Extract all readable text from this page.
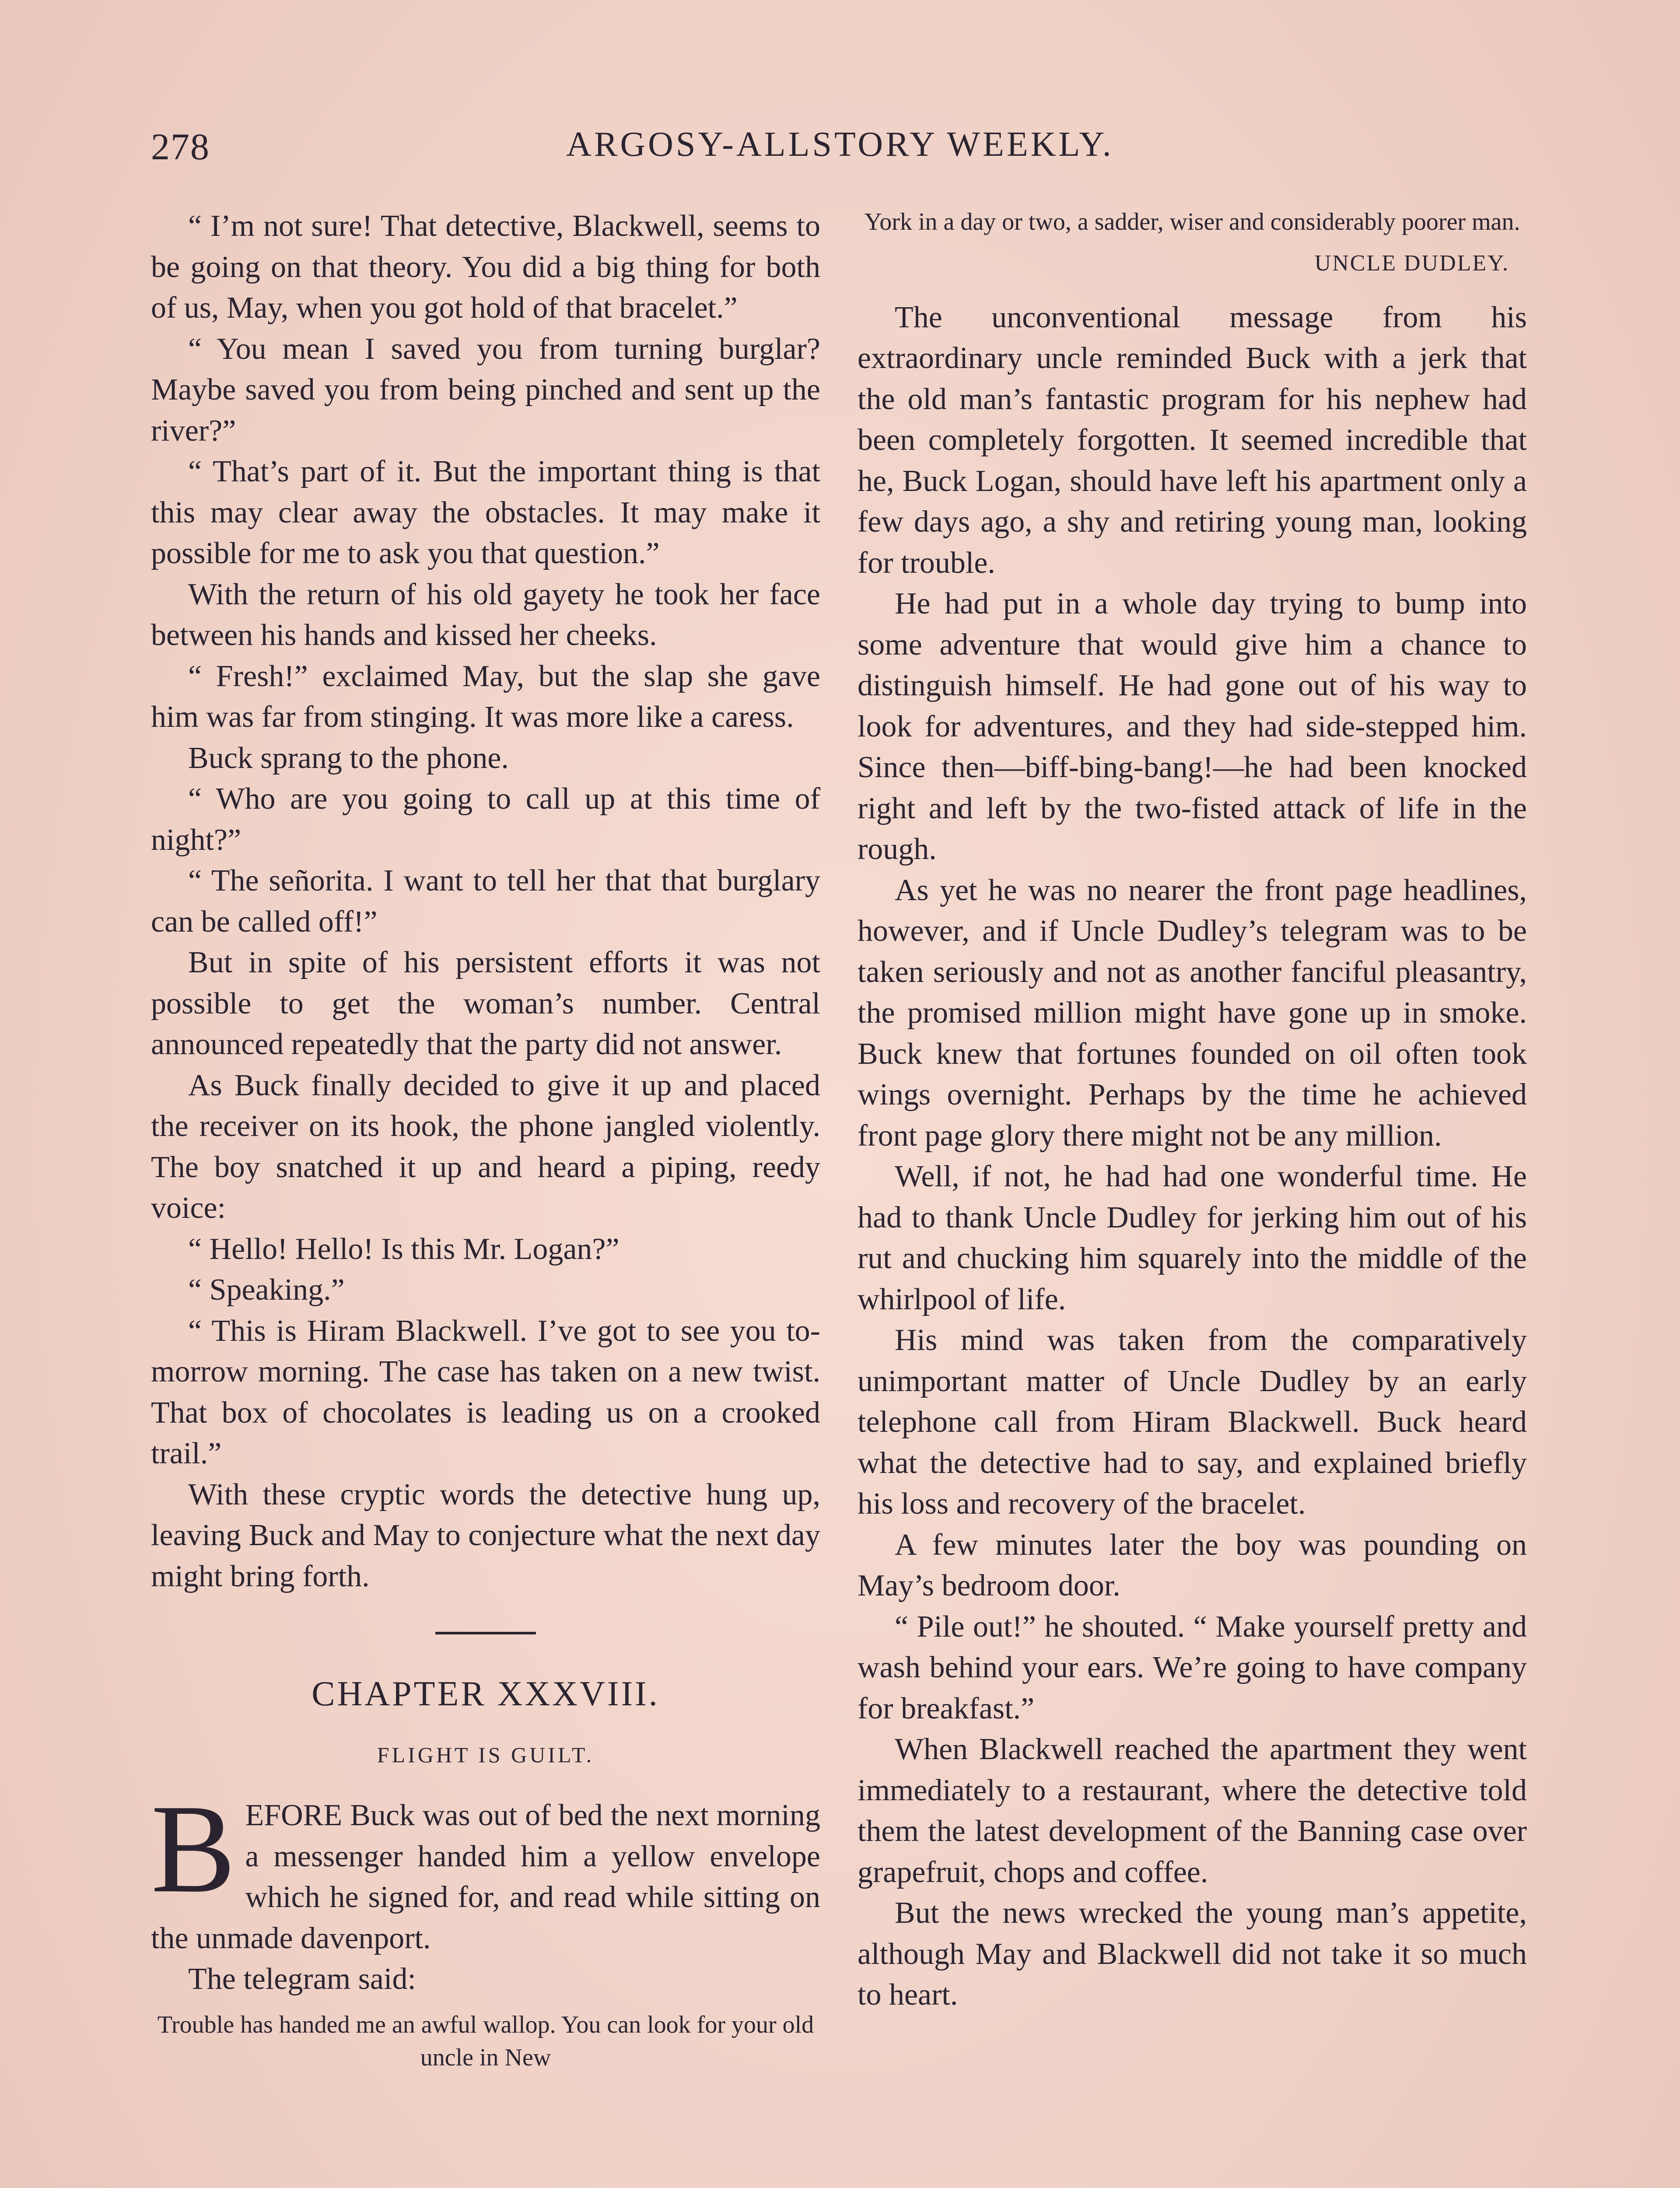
278	ARGOSY-ALLSTORY WEEKLY.

“ I’m not sure! That detective, Blackwell, seems to be going on that theory. You did a big thing for both of us, May, when you got hold of that bracelet.”

“ You mean I saved you from turning burglar? Maybe saved you from being pinched and sent up the river?”

“ That’s part of it. But the important thing is that this may clear away the obstacles. It may make it possible for me to ask you that question.”

With the return of his old gayety he took her face between his hands and kissed her cheeks.

“ Fresh!” exclaimed May, but the slap she gave him was far from stinging. It was more like a caress.

Buck sprang to the phone.

“ Who are you going to call up at this time of night?”

“ The señorita. I want to tell her that that burglary can be called off!”

But in spite of his persistent efforts it was not possible to get the woman’s number. Central announced repeatedly that the party did not answer.

As Buck finally decided to give it up and placed the receiver on its hook, the phone jangled violently. The boy snatched it up and heard a piping, reedy voice:

“ Hello! Hello! Is this Mr. Logan?”

“ Speaking.”

“ This is Hiram Blackwell. I’ve got to see you to-morrow morning. The case has taken on a new twist. That box of chocolates is leading us on a crooked trail.”

With these cryptic words the detective hung up, leaving Buck and May to conjecture what the next day might bring forth.

CHAPTER XXXVIII.
FLIGHT IS GUILT.

BEFORE Buck was out of bed the next morning a messenger handed him a yellow envelope which he signed for, and read while sitting on the unmade davenport.

The telegram said:

Trouble has handed me an awful wallop. You can look for your old uncle in New
York in a day or two, a sadder, wiser and considerably poorer man.
UNCLE DUDLEY.

The unconventional message from his extraordinary uncle reminded Buck with a jerk that the old man’s fantastic program for his nephew had been completely forgotten. It seemed incredible that he, Buck Logan, should have left his apartment only a few days ago, a shy and retiring young man, looking for trouble.

He had put in a whole day trying to bump into some adventure that would give him a chance to distinguish himself. He had gone out of his way to look for adventures, and they had side-stepped him. Since then—biff-bing-bang!—he had been knocked right and left by the two-fisted attack of life in the rough.

As yet he was no nearer the front page headlines, however, and if Uncle Dudley’s telegram was to be taken seriously and not as another fanciful pleasantry, the promised million might have gone up in smoke. Buck knew that fortunes founded on oil often took wings overnight. Perhaps by the time he achieved front page glory there might not be any million.

Well, if not, he had had one wonderful time. He had to thank Uncle Dudley for jerking him out of his rut and chucking him squarely into the middle of the whirlpool of life.

His mind was taken from the comparatively unimportant matter of Uncle Dudley by an early telephone call from Hiram Blackwell. Buck heard what the detective had to say, and explained briefly his loss and recovery of the bracelet.

A few minutes later the boy was pounding on May’s bedroom door.

“ Pile out!” he shouted. “ Make yourself pretty and wash behind your ears. We’re going to have company for breakfast.”

When Blackwell reached the apartment they went immediately to a restaurant, where the detective told them the latest development of the Banning case over grapefruit, chops and coffee.

But the news wrecked the young man’s appetite, although May and Blackwell did not take it so much to heart.
